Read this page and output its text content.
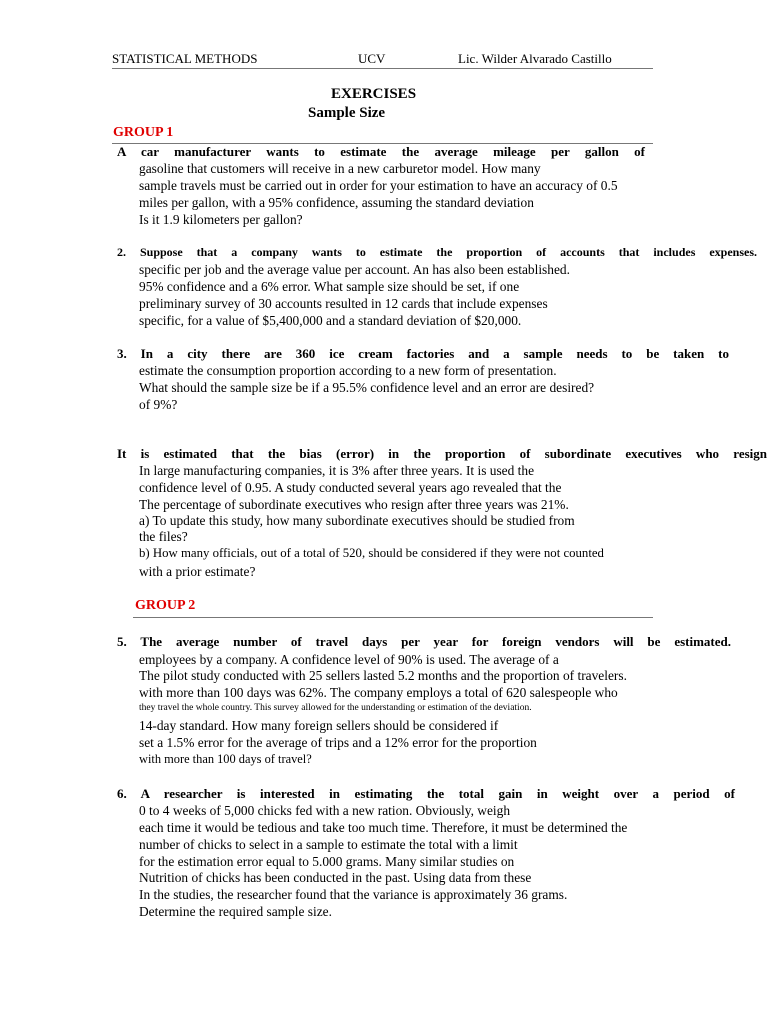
STATISTICAL METHODS	UCV	Lic. Wilder Alvarado Castillo
EXERCISES
Sample Size
GROUP 1
A car manufacturer wants to estimate the average mileage per gallon of
gasoline that customers will receive in a new carburetor model. How many
sample travels must be carried out in order for your estimation to have an accuracy of 0.5
miles per gallon, with a 95% confidence, assuming the standard deviation
Is it 1.9 kilometers per gallon?
2. Suppose that a company wants to estimate the proportion of accounts that includes expenses.
specific per job and the average value per account. An has also been established.
95% confidence and a 6% error. What sample size should be set, if one
preliminary survey of 30 accounts resulted in 12 cards that include expenses
specific, for a value of $5,400,000 and a standard deviation of $20,000.
3. In a city there are 360 ice cream factories and a sample needs to be taken to
estimate the consumption proportion according to a new form of presentation.
What should the sample size be if a 95.5% confidence level and an error are desired?
of 9%?
It is estimated that the bias (error) in the proportion of subordinate executives who resign
In large manufacturing companies, it is 3% after three years. It is used the
confidence level of 0.95. A study conducted several years ago revealed that the
The percentage of subordinate executives who resign after three years was 21%.
a) To update this study, how many subordinate executives should be studied from
the files?
b) How many officials, out of a total of 520, should be considered if they were not counted
with a prior estimate?
GROUP 2
5. The average number of travel days per year for foreign vendors will be estimated.
employees by a company. A confidence level of 90% is used. The average of a
The pilot study conducted with 25 sellers lasted 5.2 months and the proportion of travelers.
with more than 100 days was 62%. The company employs a total of 620 salespeople who
they travel the whole country. This survey allowed for the understanding or estimation of the deviation.
14-day standard. How many foreign sellers should be considered if
set a 1.5% error for the average of trips and a 12% error for the proportion
with more than 100 days of travel?
6. A researcher is interested in estimating the total gain in weight over a period of
0 to 4 weeks of 5,000 chicks fed with a new ration. Obviously, weigh
each time it would be tedious and take too much time. Therefore, it must be determined the
number of chicks to select in a sample to estimate the total with a limit
for the estimation error equal to 5.000 grams. Many similar studies on
Nutrition of chicks has been conducted in the past. Using data from these
In the studies, the researcher found that the variance is approximately 36 grams.
Determine the required sample size.
